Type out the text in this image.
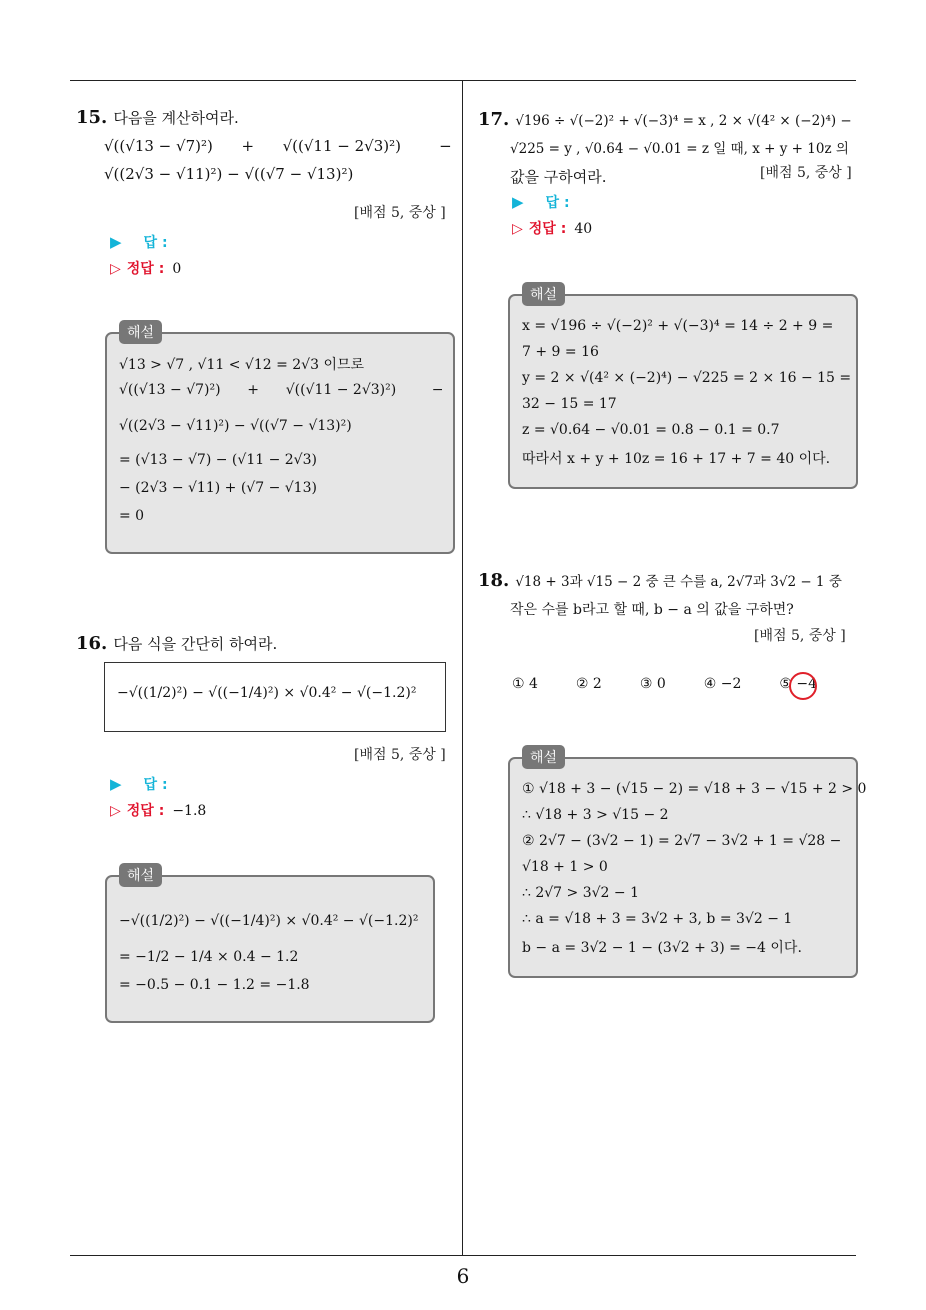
6
15. 다음을 계산하여라.
√((√13 − √7)²)      +      √((√11 − 2√3)²)        −
√((2√3 − √11)²) − √((√7 − √13)²)
[배점 5, 중상 ]
▶ 답 :
▷ 정답 : 0
해설
√13 > √7 , √11 < √12 = 2√3 이므로
√((√13 − √7)²)      +      √((√11 − 2√3)²)        −
√((2√3 − √11)²) − √((√7 − √13)²)
= (√13 − √7) − (√11 − 2√3)
− (2√3 − √11) + (√7 − √13)
= 0
16. 다음 식을 간단히 하여라.
−√((1/2)²) − √((−1/4)²) × √0.4² − √(−1.2)²
[배점 5, 중상 ]
▶ 답 :
▷ 정답 : −1.8
해설
−√((1/2)²) − √((−1/4)²) × √0.4² − √(−1.2)²
= −1/2 − 1/4 × 0.4 − 1.2
= −0.5 − 0.1 − 1.2 = −1.8
17. √196 ÷ √(−2)² + √(−3)⁴ = x , 2 × √(4² × (−2)⁴) −
√225 = y , √0.64 − √0.01 = z 일 때, x + y + 10z 의
값을 구하여라.	[배점 5, 중상 ]
▶ 답 :
▷ 정답 : 40
해설
x = √196 ÷ √(−2)² + √(−3)⁴ = 14 ÷ 2 + 9 =
7 + 9 = 16
y = 2 × √(4² × (−2)⁴) − √225 = 2 × 16 − 15 =
32 − 15 = 17
z = √0.64 − √0.01 = 0.8 − 0.1 = 0.7
따라서 x + y + 10z = 16 + 17 + 7 = 40 이다.
18. √18 + 3과 √15 − 2 중 큰 수를 a, 2√7과 3√2 − 1 중
작은 수를 b라고 할 때, b − a 의 값을 구하면?
[배점 5, 중상 ]
① 4	② 2	③ 0	④ −2	⑤ −4
해설
① √18 + 3 − (√15 − 2) = √18 + 3 − √15 + 2 > 0
∴ √18 + 3 > √15 − 2
② 2√7 − (3√2 − 1) = 2√7 − 3√2 + 1 = √28 −
√18 + 1 > 0
∴ 2√7 > 3√2 − 1
∴ a = √18 + 3 = 3√2 + 3, b = 3√2 − 1
b − a = 3√2 − 1 − (3√2 + 3) = −4 이다.
